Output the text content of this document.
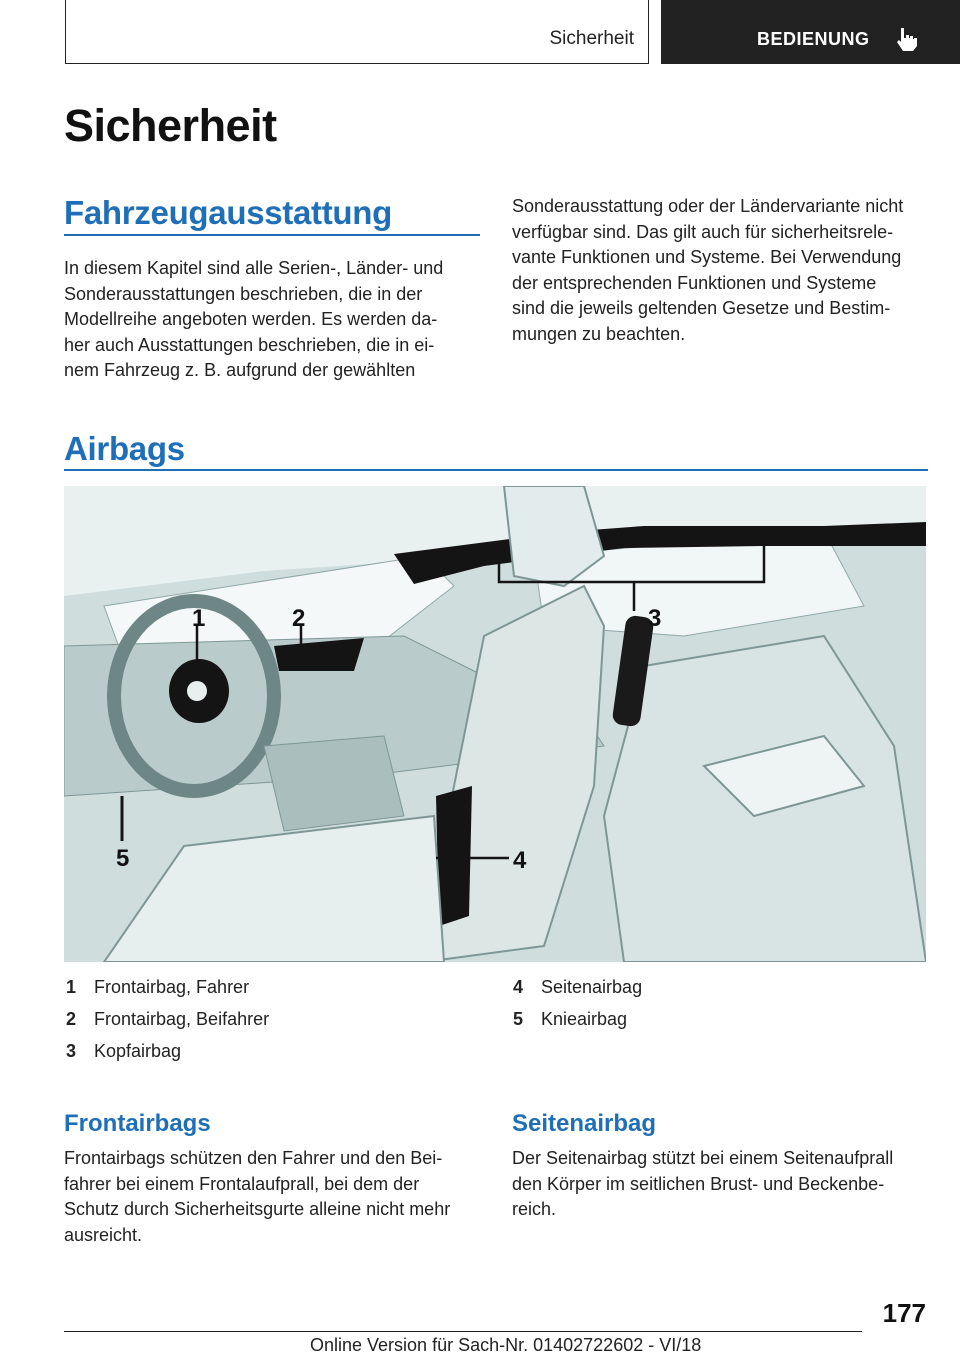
Sicherheit	BEDIENUNG
Sicherheit
Fahrzeugausstattung

In diesem Kapitel sind alle Serien-, Länder- und

Sonderausstattungen beschrieben, die in der

Modellreihe angeboten werden. Es werden da‐

her auch Ausstattungen beschrieben, die in ei‐

nem Fahrzeug z. B. aufgrund der gewählten

Sonderausstattung oder der Ländervariante nicht

verfügbar sind. Das gilt auch für sicherheitsrele‐

vante Funktionen und Systeme. Bei Verwendung

der entsprechenden Funktionen und Systeme

sind die jeweils geltenden Gesetze und Bestim‐

mungen zu beachten.

Airbags
1	2	3
4
5
1 Frontairbag, Fahrer
2 Frontairbag, Beifahrer
3 Kopfairbag
4 Seitenairbag
5 Knieairbag
Frontairbags

Frontairbags schützen den Fahrer und den Bei‐

fahrer bei einem Frontalaufprall, bei dem der

Schutz durch Sicherheitsgurte alleine nicht mehr

ausreicht.

Seitenairbag

Der Seitenairbag stützt bei einem Seitenaufprall

den Körper im seitlichen Brust- und Beckenbe‐

reich.

177
Online Version für Sach-Nr. 01402722602 - VI/18
